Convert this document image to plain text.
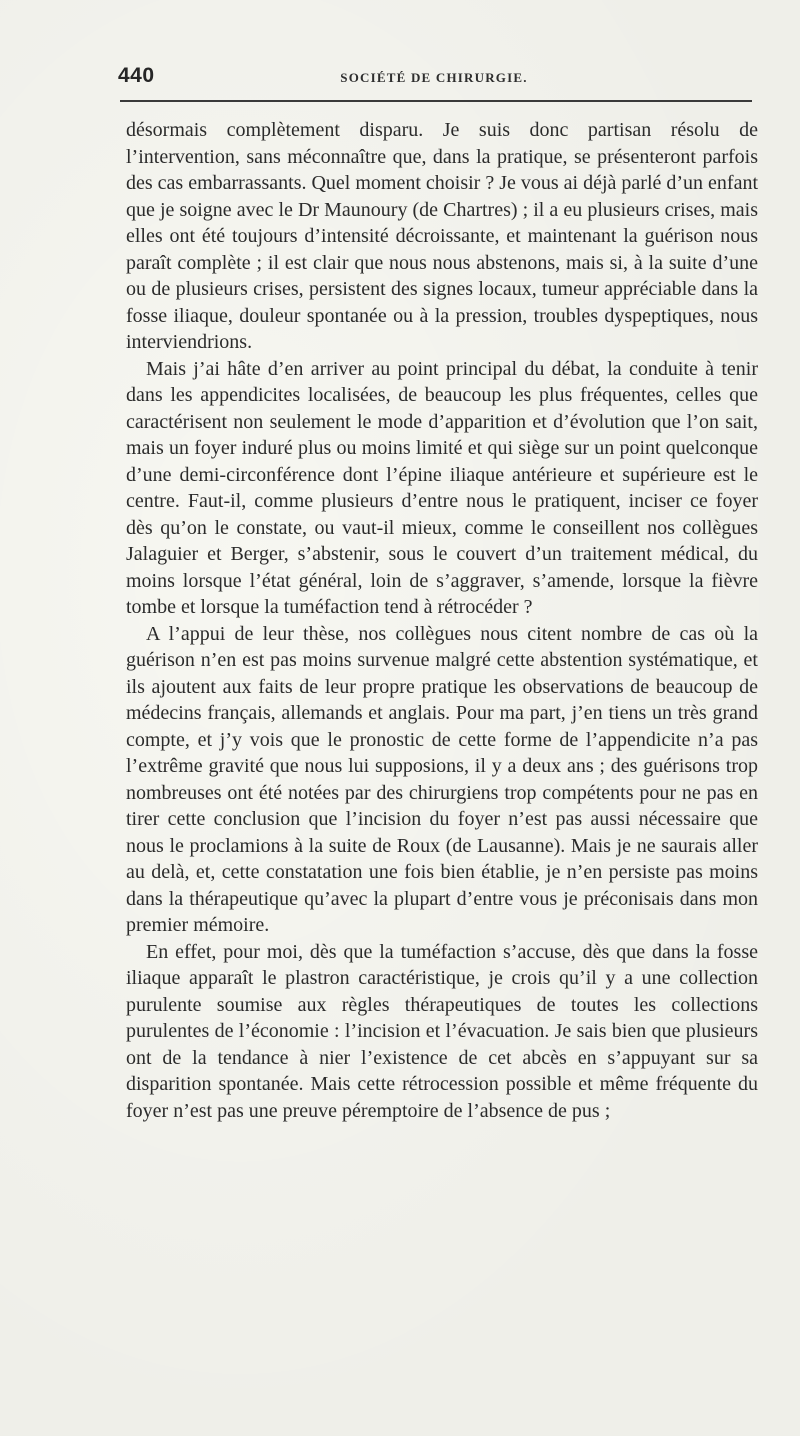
440	SOCIÉTÉ DE CHIRURGIE.

désormais complètement disparu. Je suis donc partisan résolu de l’intervention, sans méconnaître que, dans la pratique, se présenteront parfois des cas embarrassants. Quel moment choisir ? Je vous ai déjà parlé d’un enfant que je soigne avec le Dr Maunoury (de Chartres) ; il a eu plusieurs crises, mais elles ont été toujours d’intensité décroissante, et maintenant la guérison nous paraît complète ; il est clair que nous nous abstenons, mais si, à la suite d’une ou de plusieurs crises, persistent des signes locaux, tumeur appréciable dans la fosse iliaque, douleur spontanée ou à la pression, troubles dyspeptiques, nous interviendrions.

Mais j’ai hâte d’en arriver au point principal du débat, la conduite à tenir dans les appendicites localisées, de beaucoup les plus fréquentes, celles que caractérisent non seulement le mode d’apparition et d’évolution que l’on sait, mais un foyer induré plus ou moins limité et qui siège sur un point quelconque d’une demi-circonférence dont l’épine iliaque antérieure et supérieure est le centre. Faut-il, comme plusieurs d’entre nous le pratiquent, inciser ce foyer dès qu’on le constate, ou vaut-il mieux, comme le conseillent nos collègues Jalaguier et Berger, s’abstenir, sous le couvert d’un traitement médical, du moins lorsque l’état général, loin de s’aggraver, s’amende, lorsque la fièvre tombe et lorsque la tuméfaction tend à rétrocéder ?

A l’appui de leur thèse, nos collègues nous citent nombre de cas où la guérison n’en est pas moins survenue malgré cette abstention systématique, et ils ajoutent aux faits de leur propre pratique les observations de beaucoup de médecins français, allemands et anglais. Pour ma part, j’en tiens un très grand compte, et j’y vois que le pronostic de cette forme de l’appendicite n’a pas l’extrême gravité que nous lui supposions, il y a deux ans ; des guérisons trop nombreuses ont été notées par des chirurgiens trop compétents pour ne pas en tirer cette conclusion que l’incision du foyer n’est pas aussi nécessaire que nous le proclamions à la suite de Roux (de Lausanne). Mais je ne saurais aller au delà, et, cette constatation une fois bien établie, je n’en persiste pas moins dans la thérapeutique qu’avec la plupart d’entre vous je préconisais dans mon premier mémoire.

En effet, pour moi, dès que la tuméfaction s’accuse, dès que dans la fosse iliaque apparaît le plastron caractéristique, je crois qu’il y a une collection purulente soumise aux règles thérapeutiques de toutes les collections purulentes de l’économie : l’incision et l’évacuation. Je sais bien que plusieurs ont de la tendance à nier l’existence de cet abcès en s’appuyant sur sa disparition spontanée. Mais cette rétrocession possible et même fréquente du foyer n’est pas une preuve péremptoire de l’absence de pus ;
